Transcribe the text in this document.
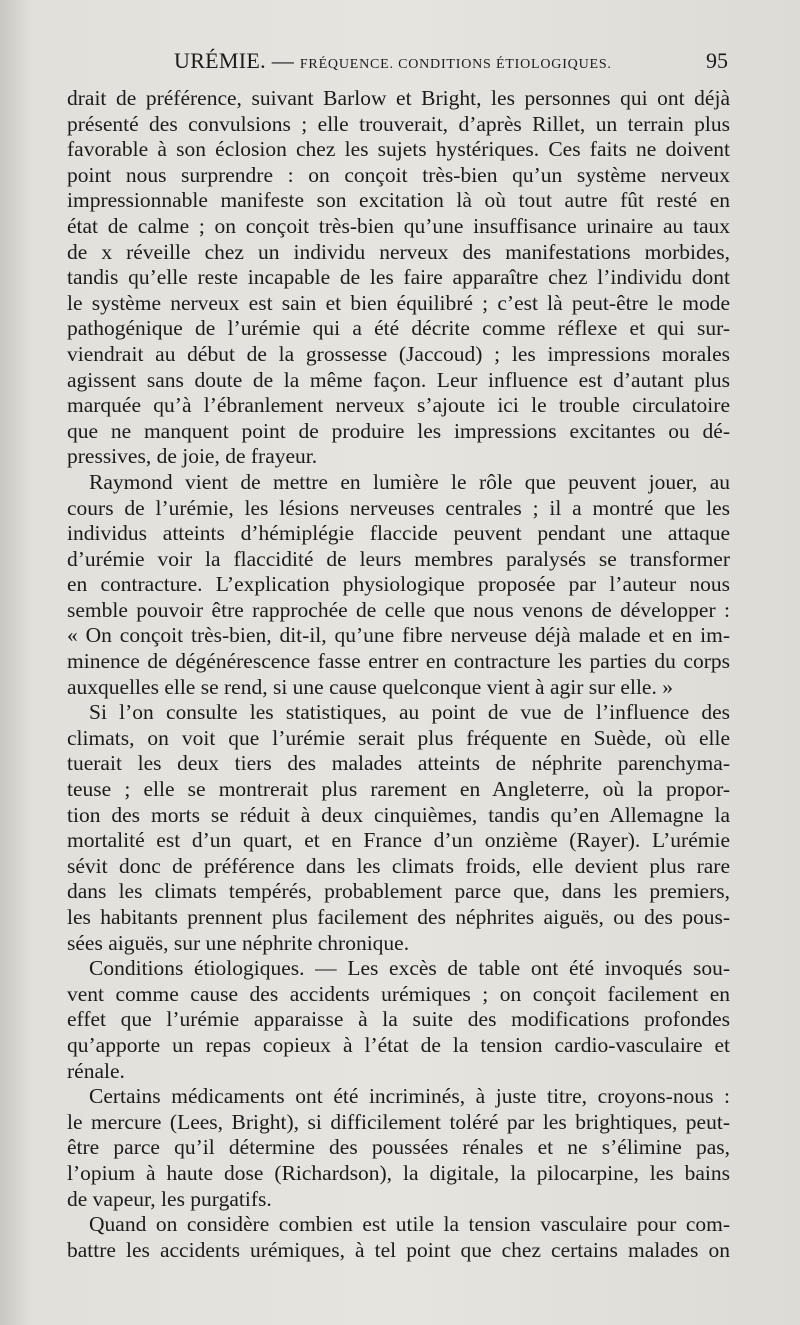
URÉMIE. — FRÉQUENCE. CONDITIONS ÉTIOLOGIQUES.	95
drait de préférence, suivant Barlow et Bright, les personnes qui ont déjà
présenté des convulsions ; elle trouverait, d’après Rillet, un terrain plus
favorable à son éclosion chez les sujets hystériques. Ces faits ne doivent
point nous surprendre : on conçoit très-bien qu’un système nerveux
impressionnable manifeste son excitation là où tout autre fût resté en
état de calme ; on conçoit très-bien qu’une insuffisance urinaire au taux
de x réveille chez un individu nerveux des manifestations morbides,
tandis qu’elle reste incapable de les faire apparaître chez l’individu dont
le système nerveux est sain et bien équilibré ; c’est là peut-être le mode
pathogénique de l’urémie qui a été décrite comme réflexe et qui sur-
viendrait au début de la grossesse (Jaccoud) ; les impressions morales
agissent sans doute de la même façon. Leur influence est d’autant plus
marquée qu’à l’ébranlement nerveux s’ajoute ici le trouble circulatoire
que ne manquent point de produire les impressions excitantes ou dé-
pressives, de joie, de frayeur.
Raymond vient de mettre en lumière le rôle que peuvent jouer, au
cours de l’urémie, les lésions nerveuses centrales ; il a montré que les
individus atteints d’hémiplégie flaccide peuvent pendant une attaque
d’urémie voir la flaccidité de leurs membres paralysés se transformer
en contracture. L’explication physiologique proposée par l’auteur nous
semble pouvoir être rapprochée de celle que nous venons de développer :
« On conçoit très-bien, dit-il, qu’une fibre nerveuse déjà malade et en im-
minence de dégénérescence fasse entrer en contracture les parties du corps
auxquelles elle se rend, si une cause quelconque vient à agir sur elle. »
Si l’on consulte les statistiques, au point de vue de l’influence des
climats, on voit que l’urémie serait plus fréquente en Suède, où elle
tuerait les deux tiers des malades atteints de néphrite parenchyma-
teuse ; elle se montrerait plus rarement en Angleterre, où la propor-
tion des morts se réduit à deux cinquièmes, tandis qu’en Allemagne la
mortalité est d’un quart, et en France d’un onzième (Rayer). L’urémie
sévit donc de préférence dans les climats froids, elle devient plus rare
dans les climats tempérés, probablement parce que, dans les premiers,
les habitants prennent plus facilement des néphrites aiguës, ou des pous-
sées aiguës, sur une néphrite chronique.
Conditions étiologiques. — Les excès de table ont été invoqués sou-
vent comme cause des accidents urémiques ; on conçoit facilement en
effet que l’urémie apparaisse à la suite des modifications profondes
qu’apporte un repas copieux à l’état de la tension cardio-vasculaire et
rénale.
Certains médicaments ont été incriminés, à juste titre, croyons-nous :
le mercure (Lees, Bright), si difficilement toléré par les brightiques, peut-
être parce qu’il détermine des poussées rénales et ne s’élimine pas,
l’opium à haute dose (Richardson), la digitale, la pilocarpine, les bains
de vapeur, les purgatifs.
Quand on considère combien est utile la tension vasculaire pour com-
battre les accidents urémiques, à tel point que chez certains malades on
